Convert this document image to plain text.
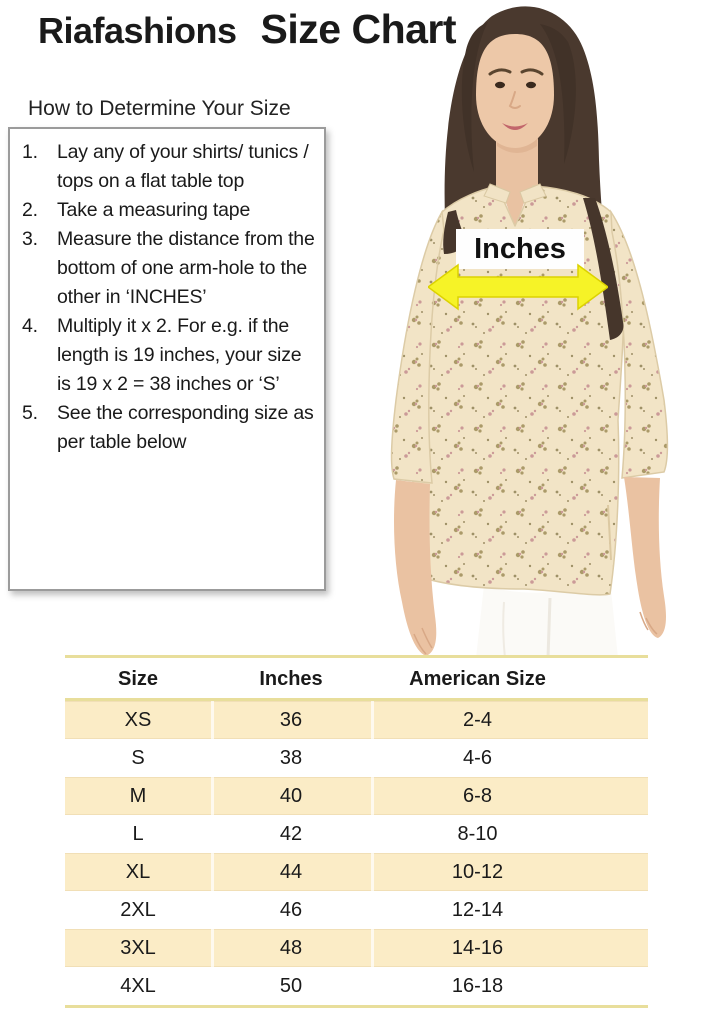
Riafashions Size Chart
How to Determine Your Size
Lay any of your shirts/ tunics / tops on a flat table top
Take a measuring tape
Measure the distance from the bottom of one arm-hole to the other in ‘INCHES’
Multiply it x 2. For e.g. if the length is 19 inches, your size is 19 x 2 = 38 inches or ‘S’
See the corresponding size as per table below
Inches
Size	Inches	American Size
XS	36	2-4
S	38	4-6
M	40	6-8
L	42	8-10
XL	44	10-12
2XL	46	12-14
3XL	48	14-16
4XL	50	16-18
